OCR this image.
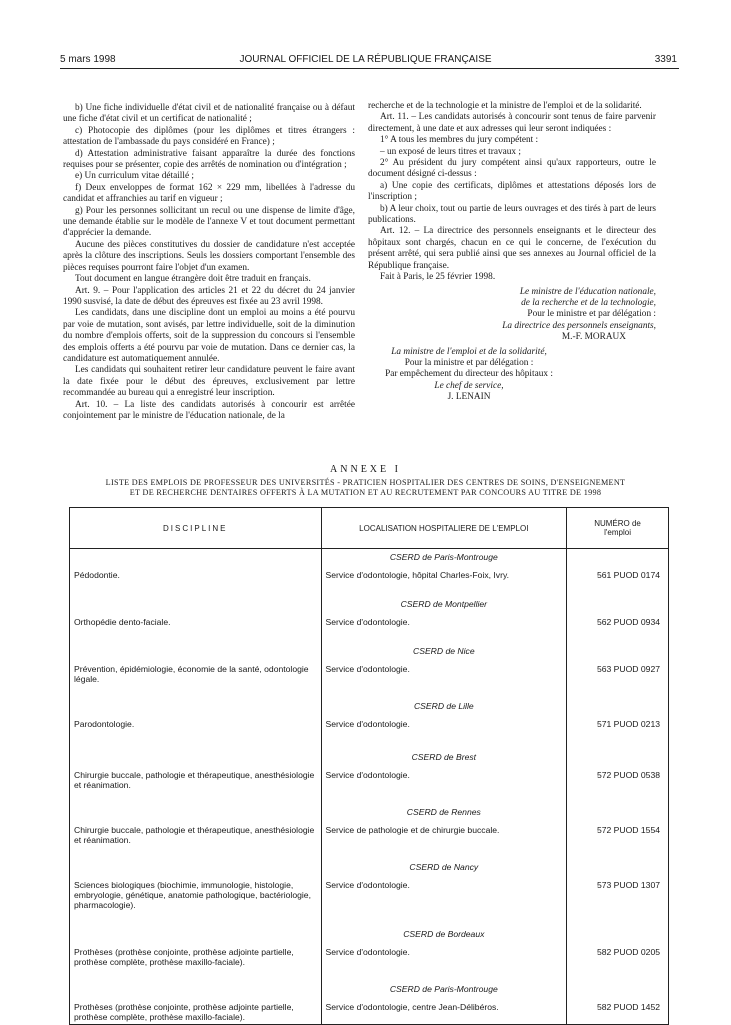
5 mars 1998	JOURNAL OFFICIEL DE LA RÉPUBLIQUE FRANÇAISE	3391

b) Une fiche individuelle d'état civil et de nationalité française ou à défaut une fiche d'état civil et un certificat de nationalité ;

c) Photocopie des diplômes (pour les diplômes et titres étrangers : attestation de l'ambassade du pays considéré en France) ;

d) Attestation administrative faisant apparaître la durée des fonctions requises pour se présenter, copie des arrêtés de nomination ou d'intégration ;

e) Un curriculum vitae détaillé ;

f) Deux enveloppes de format 162 × 229 mm, libellées à l'adresse du candidat et affranchies au tarif en vigueur ;

g) Pour les personnes sollicitant un recul ou une dispense de limite d'âge, une demande établie sur le modèle de l'annexe V et tout document permettant d'apprécier la demande.

Aucune des pièces constitutives du dossier de candidature n'est acceptée après la clôture des inscriptions. Seuls les dossiers comportant l'ensemble des pièces requises pourront faire l'objet d'un examen.

Tout document en langue étrangère doit être traduit en français.

Art. 9. – Pour l'application des articles 21 et 22 du décret du 24 janvier 1990 susvisé, la date de début des épreuves est fixée au 23 avril 1998.

Les candidats, dans une discipline dont un emploi au moins a été pourvu par voie de mutation, sont avisés, par lettre individuelle, soit de la diminution du nombre d'emplois offerts, soit de la suppression du concours si l'ensemble des emplois offerts a été pourvu par voie de mutation. Dans ce dernier cas, la candidature est automatiquement annulée.

Les candidats qui souhaitent retirer leur candidature peuvent le faire avant la date fixée pour le début des épreuves, exclusivement par lettre recommandée au bureau qui a enregistré leur inscription.

Art. 10. – La liste des candidats autorisés à concourir est arrêtée conjointement par le ministre de l'éducation nationale, de la

recherche et de la technologie et la ministre de l'emploi et de la solidarité.

Art. 11. – Les candidats autorisés à concourir sont tenus de faire parvenir directement, à une date et aux adresses qui leur seront indiquées :

1° A tous les membres du jury compétent :

– un exposé de leurs titres et travaux ;

2° Au président du jury compétent ainsi qu'aux rapporteurs, outre le document désigné ci-dessus :

a) Une copie des certificats, diplômes et attestations déposés lors de l'inscription ;

b) A leur choix, tout ou partie de leurs ouvrages et des tirés à part de leurs publications.

Art. 12. – La directrice des personnels enseignants et le directeur des hôpitaux sont chargés, chacun en ce qui le concerne, de l'exécution du présent arrêté, qui sera publié ainsi que ses annexes au Journal officiel de la République française.

Fait à Paris, le 25 février 1998.

Le ministre de l'éducation nationale,

de la recherche et de la technologie,

Pour le ministre et par délégation :

La directrice des personnels enseignants,

M.-F. MORAUX

La ministre de l'emploi et de la solidarité,

Pour la ministre et par délégation :

Par empêchement du directeur des hôpitaux :

Le chef de service,

J. LENAIN

ANNEXE I
LISTE DES EMPLOIS DE PROFESSEUR DES UNIVERSITÉS - PRATICIEN HOSPITALIER DES CENTRES DE SOINS, D'ENSEIGNEMENT
ET DE RECHERCHE DENTAIRES OFFERTS À LA MUTATION ET AU RECRUTEMENT PAR CONCOURS AU TITRE DE 1998
DISCIPLINE	LOCALISATION HOSPITALIERE DE L'EMPLOI	NUMÉRO de l'emploi
	CSERD de Paris-Montrouge	
Pédodontie.	Service d'odontologie, hôpital Charles-Foix, Ivry.	561 PUOD 0174
	CSERD de Montpellier	
Orthopédie dento-faciale.	Service d'odontologie.	562 PUOD 0934
	CSERD de Nice	
Prévention, épidémiologie, économie de la santé, odontologie légale.	Service d'odontologie.	563 PUOD 0927
	CSERD de Lille	
Parodontologie.	Service d'odontologie.	571 PUOD 0213
	CSERD de Brest	
Chirurgie buccale, pathologie et thérapeutique, anesthésiologie et réanimation.	Service d'odontologie.	572 PUOD 0538
	CSERD de Rennes	
Chirurgie buccale, pathologie et thérapeutique, anesthésiologie et réanimation.	Service de pathologie et de chirurgie buccale.	572 PUOD 1554
	CSERD de Nancy	
Sciences biologiques (biochimie, immunologie, histologie, embryologie, génétique, anatomie pathologique, bactériologie, pharmacologie).	Service d'odontologie.	573 PUOD 1307
	CSERD de Bordeaux	
Prothèses (prothèse conjointe, prothèse adjointe partielle, prothèse complète, prothèse maxillo-faciale).	Service d'odontologie.	582 PUOD 0205
	CSERD de Paris-Montrouge	
Prothèses (prothèse conjointe, prothèse adjointe partielle, prothèse complète, prothèse maxillo-faciale).	Service d'odontologie, centre Jean-Délibéros.	582 PUOD 1452
